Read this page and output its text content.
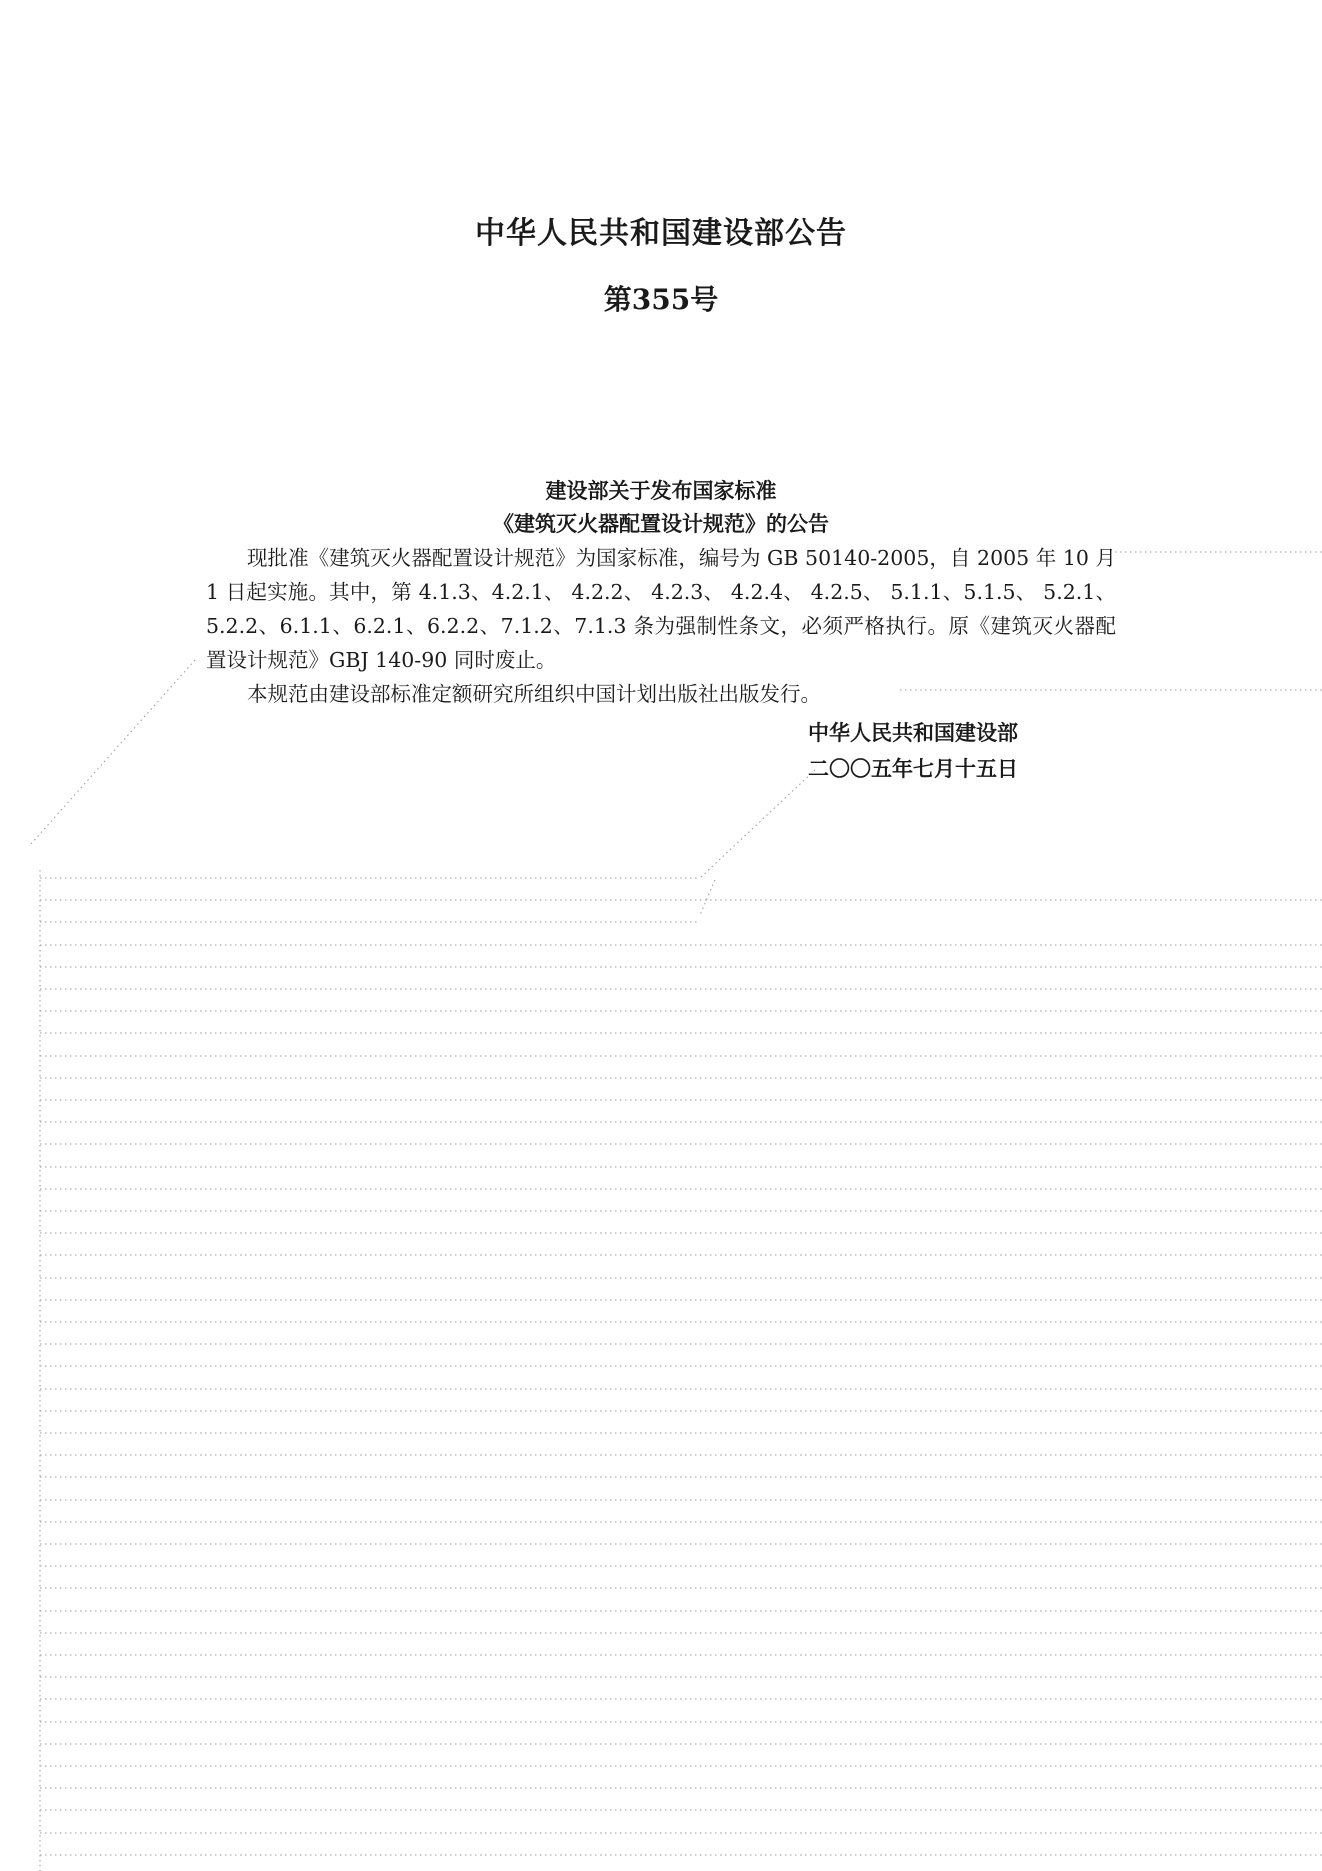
中华人民共和国建设部公告
第355号
建设部关于发布国家标准
《建筑灭火器配置设计规范》的公告

现批准《建筑灭火器配置设计规范》为国家标准，编号为 GB 50140-2005，自 2005 年 10 月 1 日起实施。其中，第 4.1.3、4.2.1、 4.2.2、 4.2.3、 4.2.4、 4.2.5、 5.1.1、5.1.5、 5.2.1、5.2.2、6.1.1、6.2.1、6.2.2、7.1.2、7.1.3 条为强制性条文，必须严格执行。原《建筑灭火器配置设计规范》GBJ 140-90 同时废止。

本规范由建设部标准定额研究所组织中国计划出版社出版发行。

中华人民共和国建设部
二〇〇五年七月十五日
